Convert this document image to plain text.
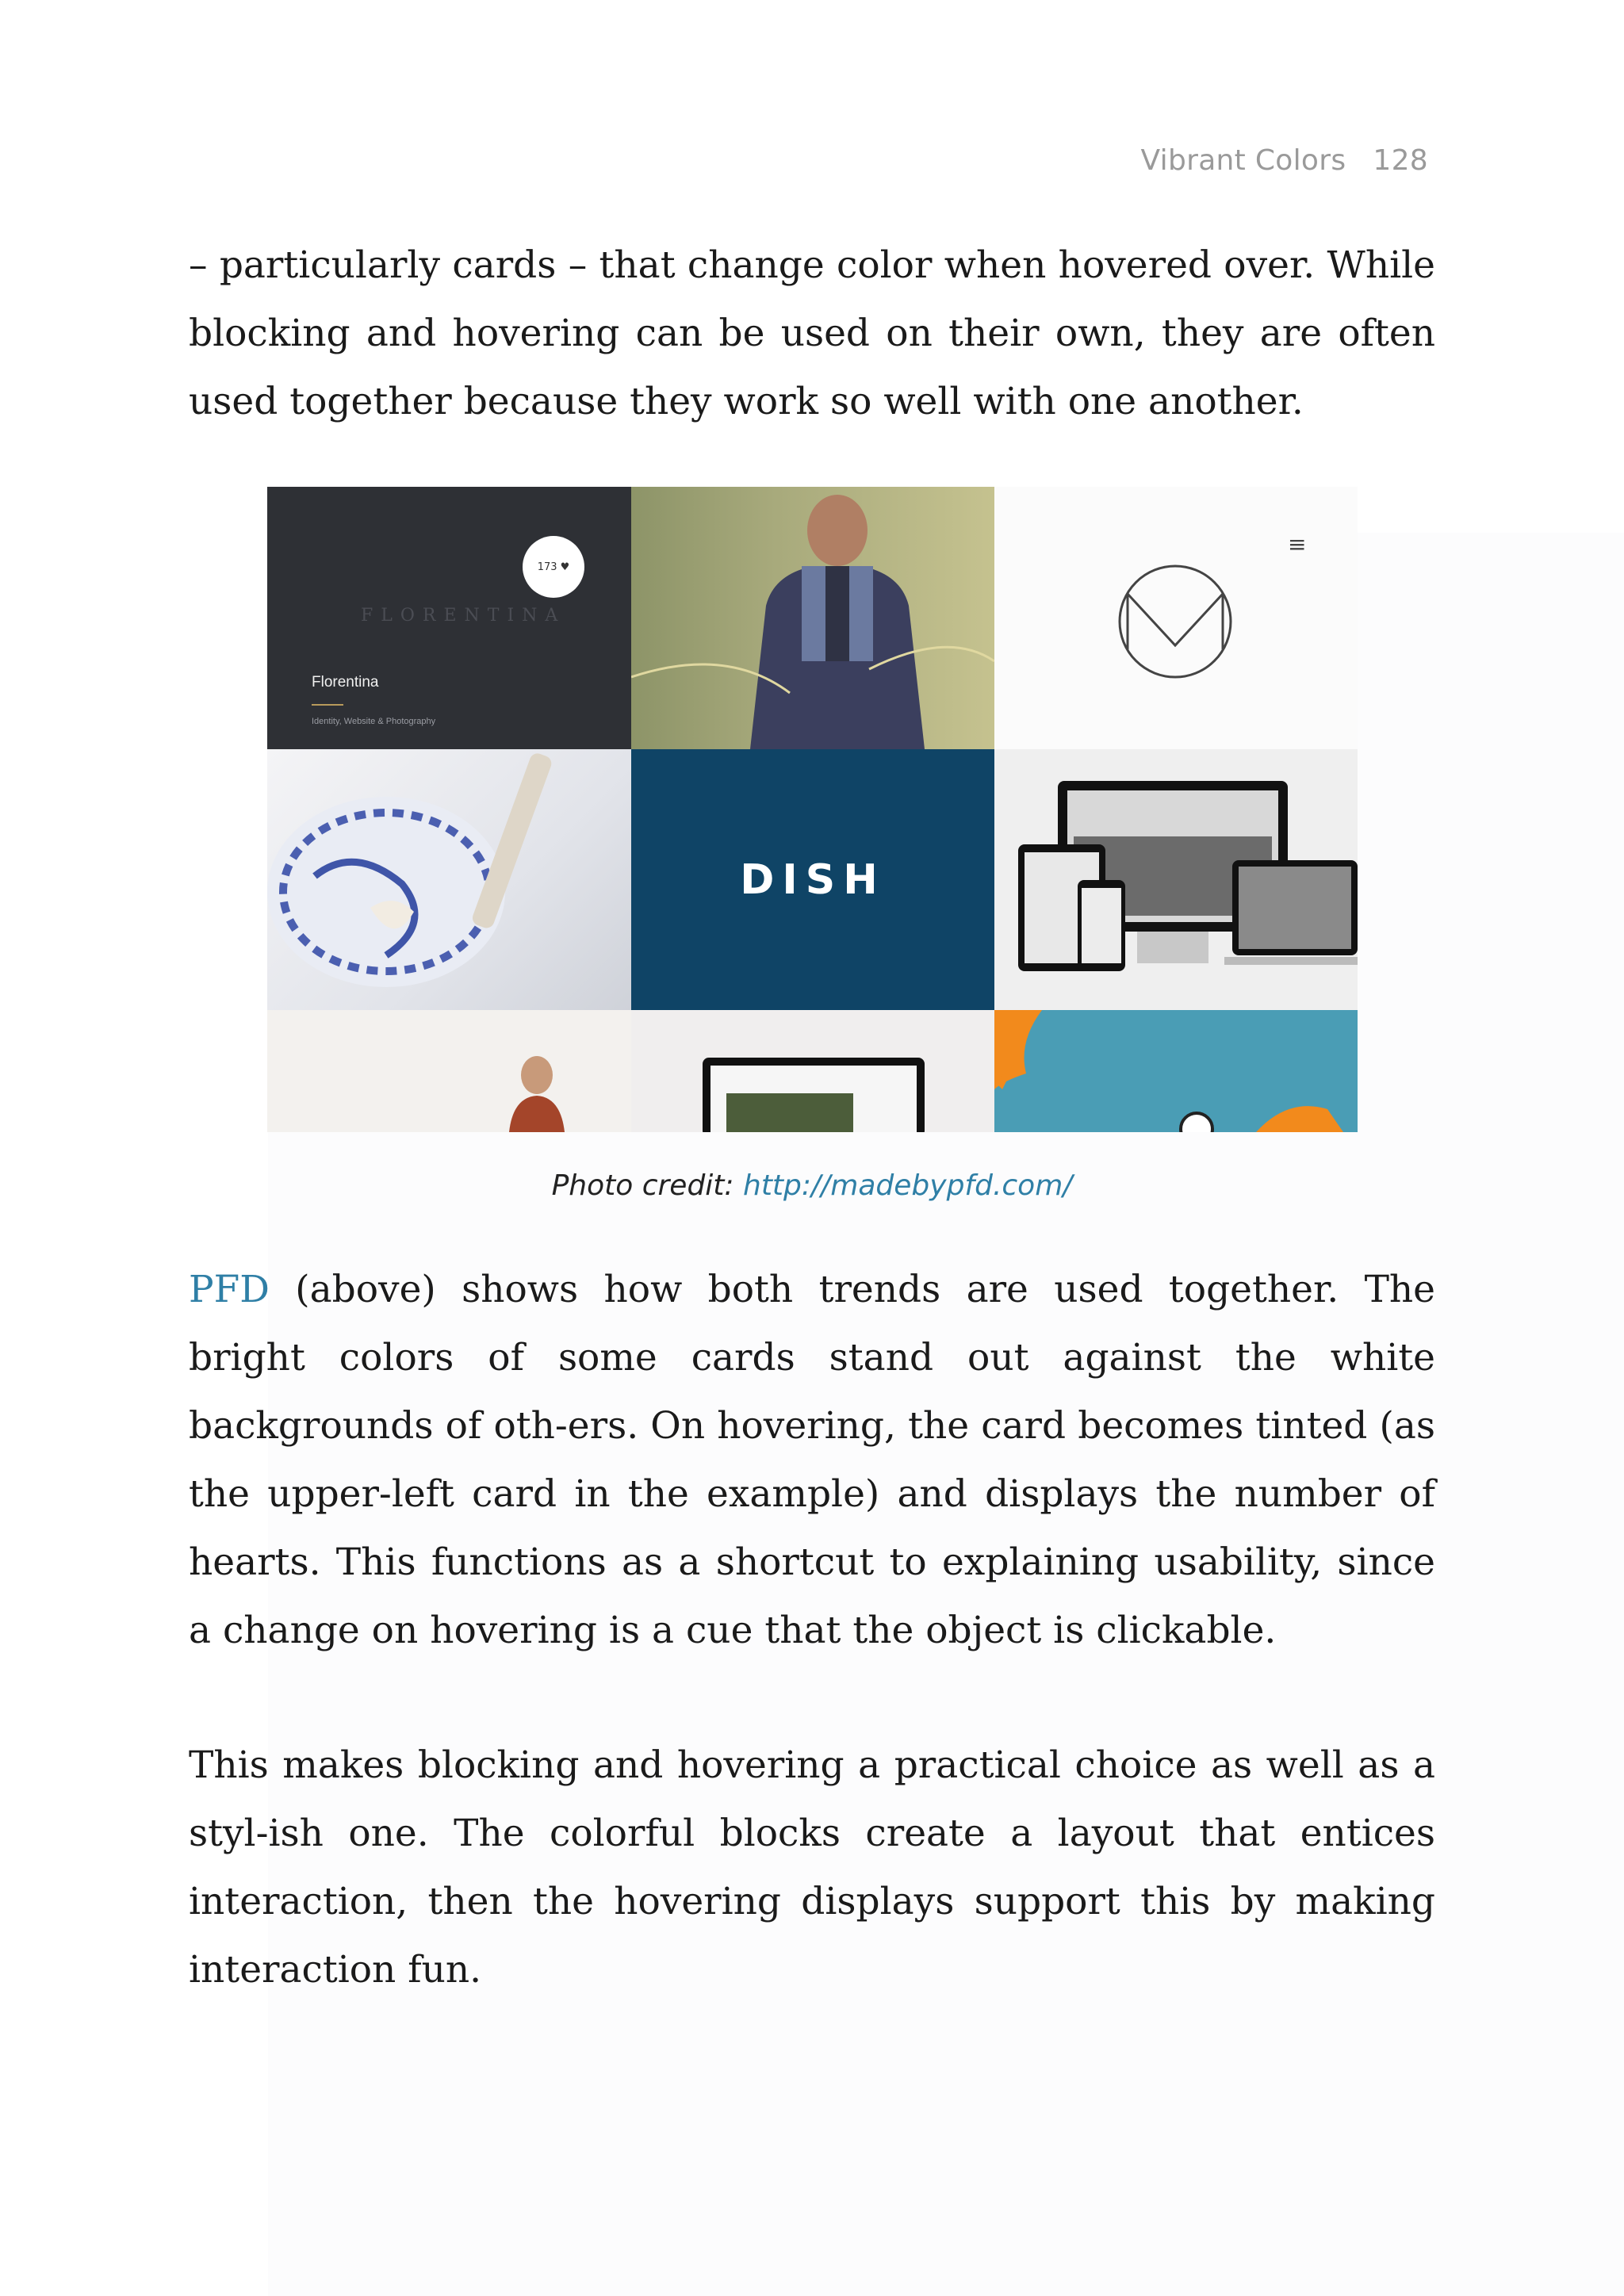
Vibrant Colors 128

– particularly cards – that change color when hovered over. While blocking and hovering can be used on their own, they are often used together because they work so well with one another.

FLORENTINA
173 ♥
Florentina
Identity, Website & Photography
≡
DISH
Photo credit: http://madebypfd.com/

PFD (above) shows how both trends are used together. The bright colors of some cards stand out against the white backgrounds of oth-ers. On hovering, the card becomes tinted (as the upper-left card in the example) and displays the number of hearts. This functions as a shortcut to explaining usability, since a change on hovering is a cue that the object is clickable.

This makes blocking and hovering a practical choice as well as a styl-ish one. The colorful blocks create a layout that entices interaction, then the hovering displays support this by making interaction fun.
